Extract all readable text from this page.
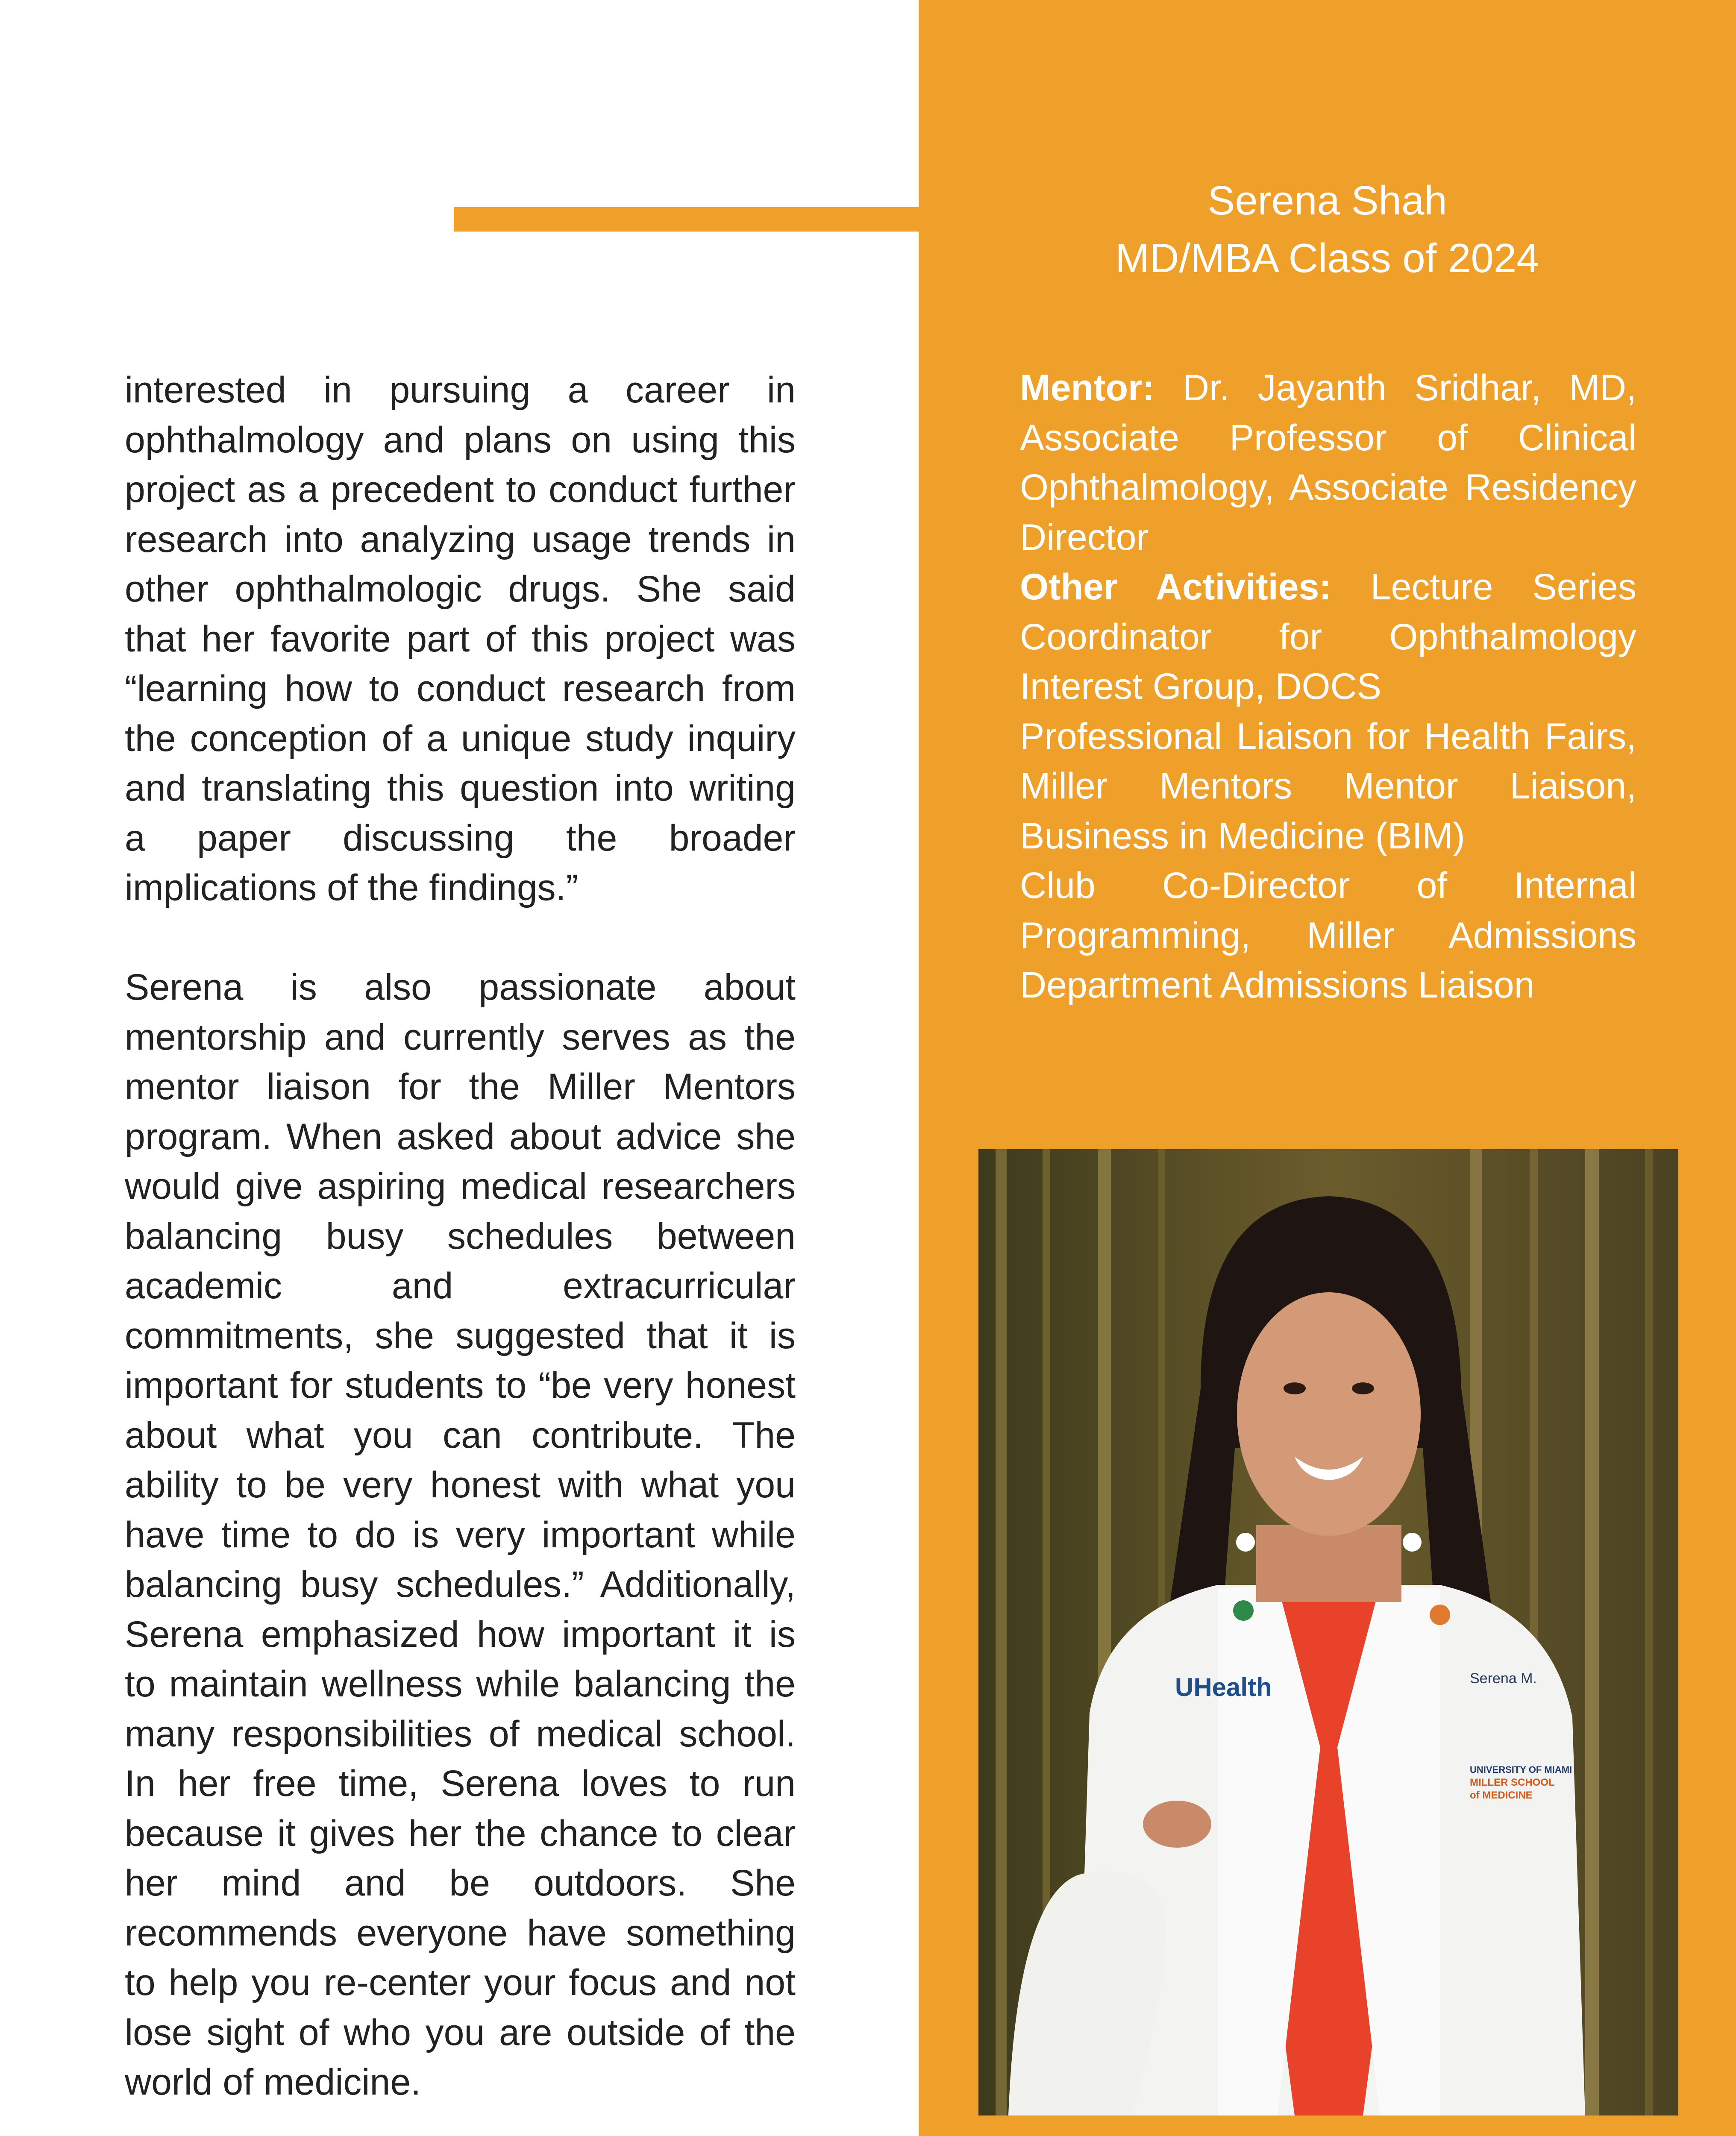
Serena Shah
MD/MBA Class of 2024

Mentor: Dr. Jayanth Sridhar, MD, Associate Professor of Clinical Ophthalmology, Associate Residency Director

Other Activities: Lecture Series Coordinator for Ophthalmology Interest Group, DOCS

Professional Liaison for Health Fairs, Miller Mentors Mentor Liaison, Business in Medicine (BIM)

Club Co-Director of Internal Programming, Miller Admissions Department Admissions Liaison

interested in pursuing a career in ophthalmology and plans on using this project as a precedent to conduct further research into analyzing usage trends in other ophthalmologic drugs. She said that her favorite part of this project was “learning how to conduct research from the conception of a unique study inquiry and translating this question into writing a paper discussing the broader implications of the findings.”

Serena is also passionate about mentorship and currently serves as the mentor liaison for the Miller Mentors program. When asked about advice she would give aspiring medical researchers balancing busy schedules between academic and extracurricular commitments, she suggested that it is important for students to “be very honest about what you can contribute. The ability to be very honest with what you have time to do is very important while balancing busy schedules.” Additionally, Serena emphasized how important it is to maintain wellness while balancing the many responsibilities of medical school. In her free time, Serena loves to run because it gives her the chance to clear her mind and be outdoors. She recommends everyone have something to help you re-center your focus and not lose sight of who you are outside of the world of medicine.

UHealth	Serena M.
UNIVERSITY OF MIAMI
MILLER SCHOOL
of MEDICINE
